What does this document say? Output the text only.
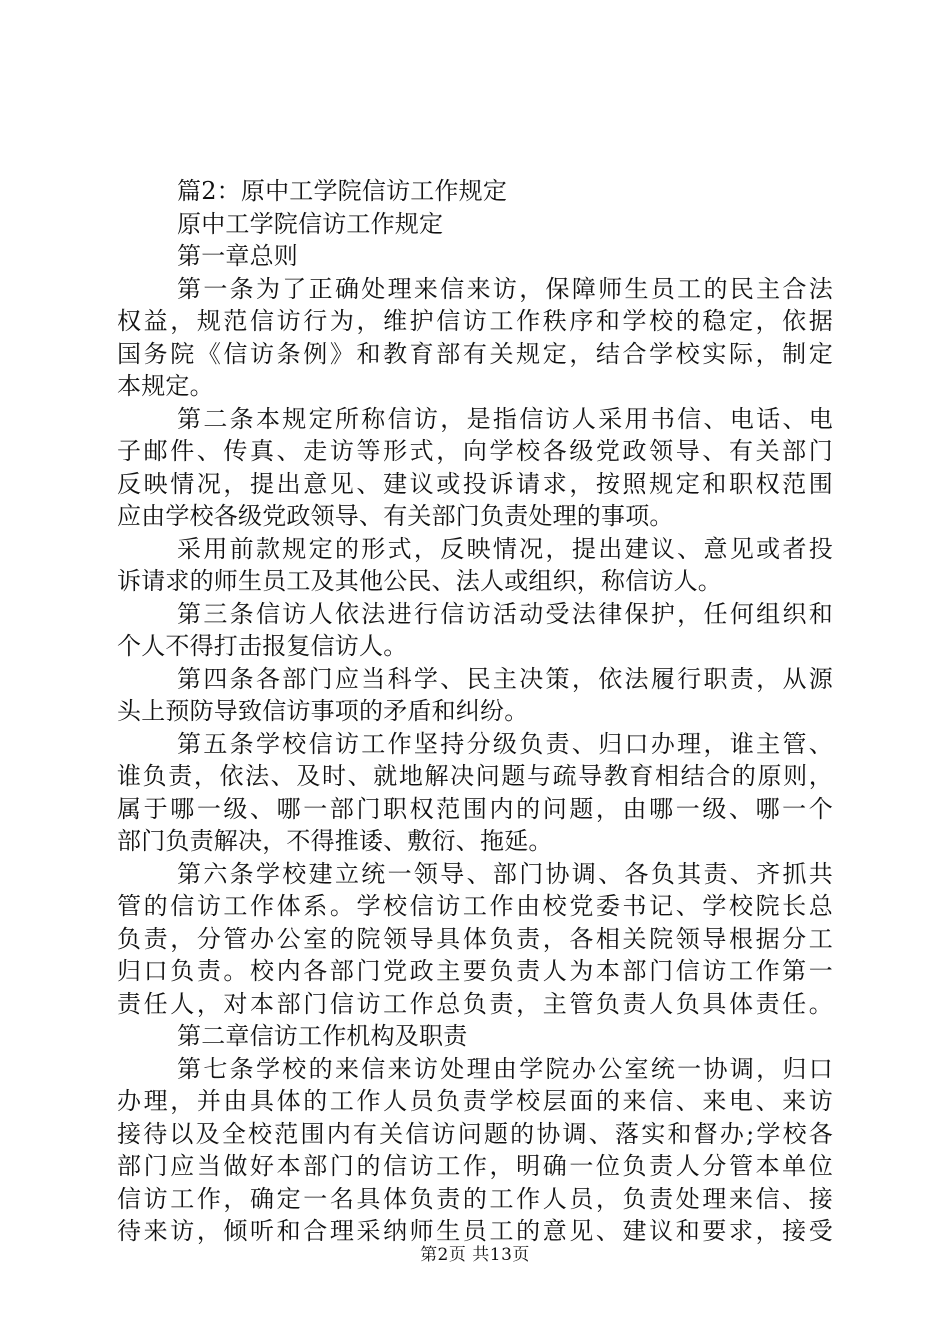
篇2：原中工学院信访工作规定
原中工学院信访工作规定
第一章总则
第一条为了正确处理来信来访，保障师生员工的民主合法
权益，规范信访行为，维护信访工作秩序和学校的稳定，依据
国务院《信访条例》和教育部有关规定，结合学校实际，制定
本规定。
第二条本规定所称信访，是指信访人采用书信、电话、电
子邮件、传真、走访等形式，向学校各级党政领导、有关部门
反映情况，提出意见、建议或投诉请求，按照规定和职权范围
应由学校各级党政领导、有关部门负责处理的事项。
采用前款规定的形式，反映情况，提出建议、意见或者投
诉请求的师生员工及其他公民、法人或组织，称信访人。
第三条信访人依法进行信访活动受法律保护，任何组织和
个人不得打击报复信访人。
第四条各部门应当科学、民主决策，依法履行职责，从源
头上预防导致信访事项的矛盾和纠纷。
第五条学校信访工作坚持分级负责、归口办理，谁主管、
谁负责，依法、及时、就地解决问题与疏导教育相结合的原则，
属于哪一级、哪一部门职权范围内的问题，由哪一级、哪一个
部门负责解决，不得推诿、敷衍、拖延。
第六条学校建立统一领导、部门协调、各负其责、齐抓共
管的信访工作体系。学校信访工作由校党委书记、学校院长总
负责，分管办公室的院领导具体负责，各相关院领导根据分工
归口负责。校内各部门党政主要负责人为本部门信访工作第一
责任人，对本部门信访工作总负责，主管负责人负具体责任。
第二章信访工作机构及职责
第七条学校的来信来访处理由学院办公室统一协调，归口
办理，并由具体的工作人员负责学校层面的来信、来电、来访
接待以及全校范围内有关信访问题的协调、落实和督办;学校各
部门应当做好本部门的信访工作，明确一位负责人分管本单位
信访工作，确定一名具体负责的工作人员，负责处理来信、接
待来访，倾听和合理采纳师生员工的意见、建议和要求，接受
第2页 共13页
